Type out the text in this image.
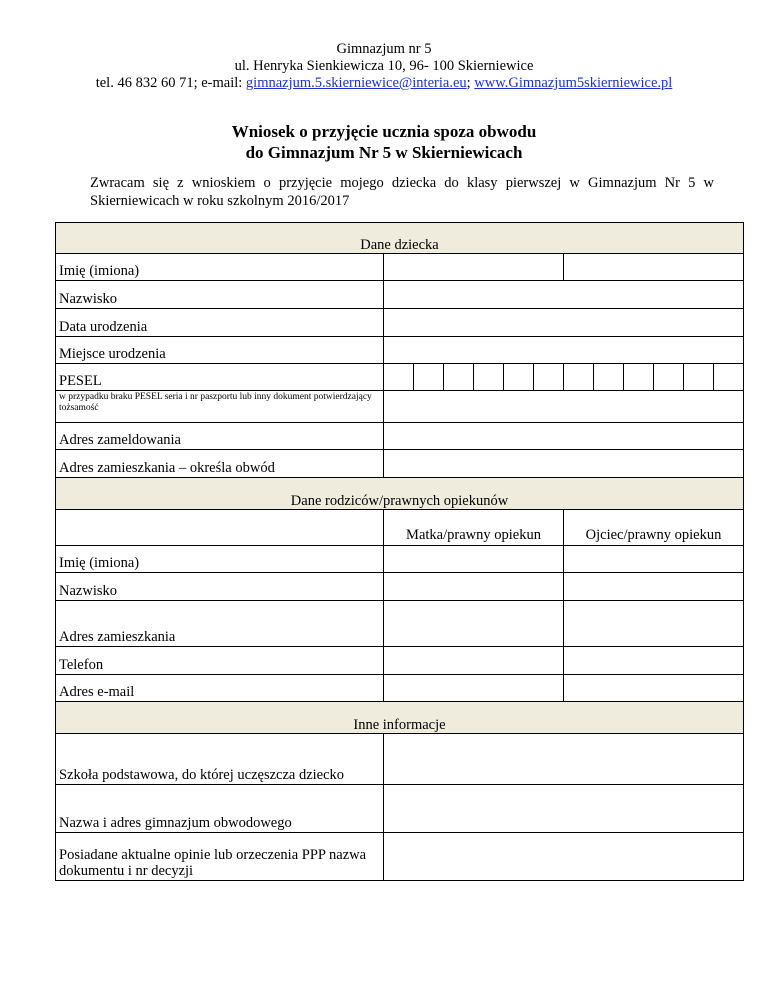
Gimnazjum nr 5
ul. Henryka Sienkiewicza 10, 96- 100 Skierniewice
tel. 46 832 60 71; e-mail: gimnazjum.5.skierniewice@interia.eu; www.Gimnazjum5skierniewice.pl
Wniosek o przyjęcie ucznia spoza obwodu
do Gimnazjum Nr 5 w Skierniewicach
Zwracam się z wnioskiem o przyjęcie mojego dziecka do klasy pierwszej w Gimnazjum Nr 5 w Skierniewicach w roku szkolnym 2016/2017
Dane dziecka												
Imię (imiona)												
Nazwisko												
Data urodzenia												
Miejsce urodzenia												
PESEL												
w przypadku braku PESEL seria i nr paszportu lub inny dokument potwierdzający tożsamość												
Adres zameldowania												
Adres zamieszkania – określa obwód												
Dane rodziców/prawnych opiekunów												
	Matka/prawny opiekun						Ojciec/prawny opiekun					
Imię (imiona)												
Nazwisko												
Adres zamieszkania												
Telefon												
Adres e-mail												
Inne informacje												
Szkoła podstawowa, do której uczęszcza dziecko												
Nazwa i adres gimnazjum obwodowego												
Posiadane aktualne opinie lub orzeczenia PPP nazwa dokumentu i nr decyzji												
